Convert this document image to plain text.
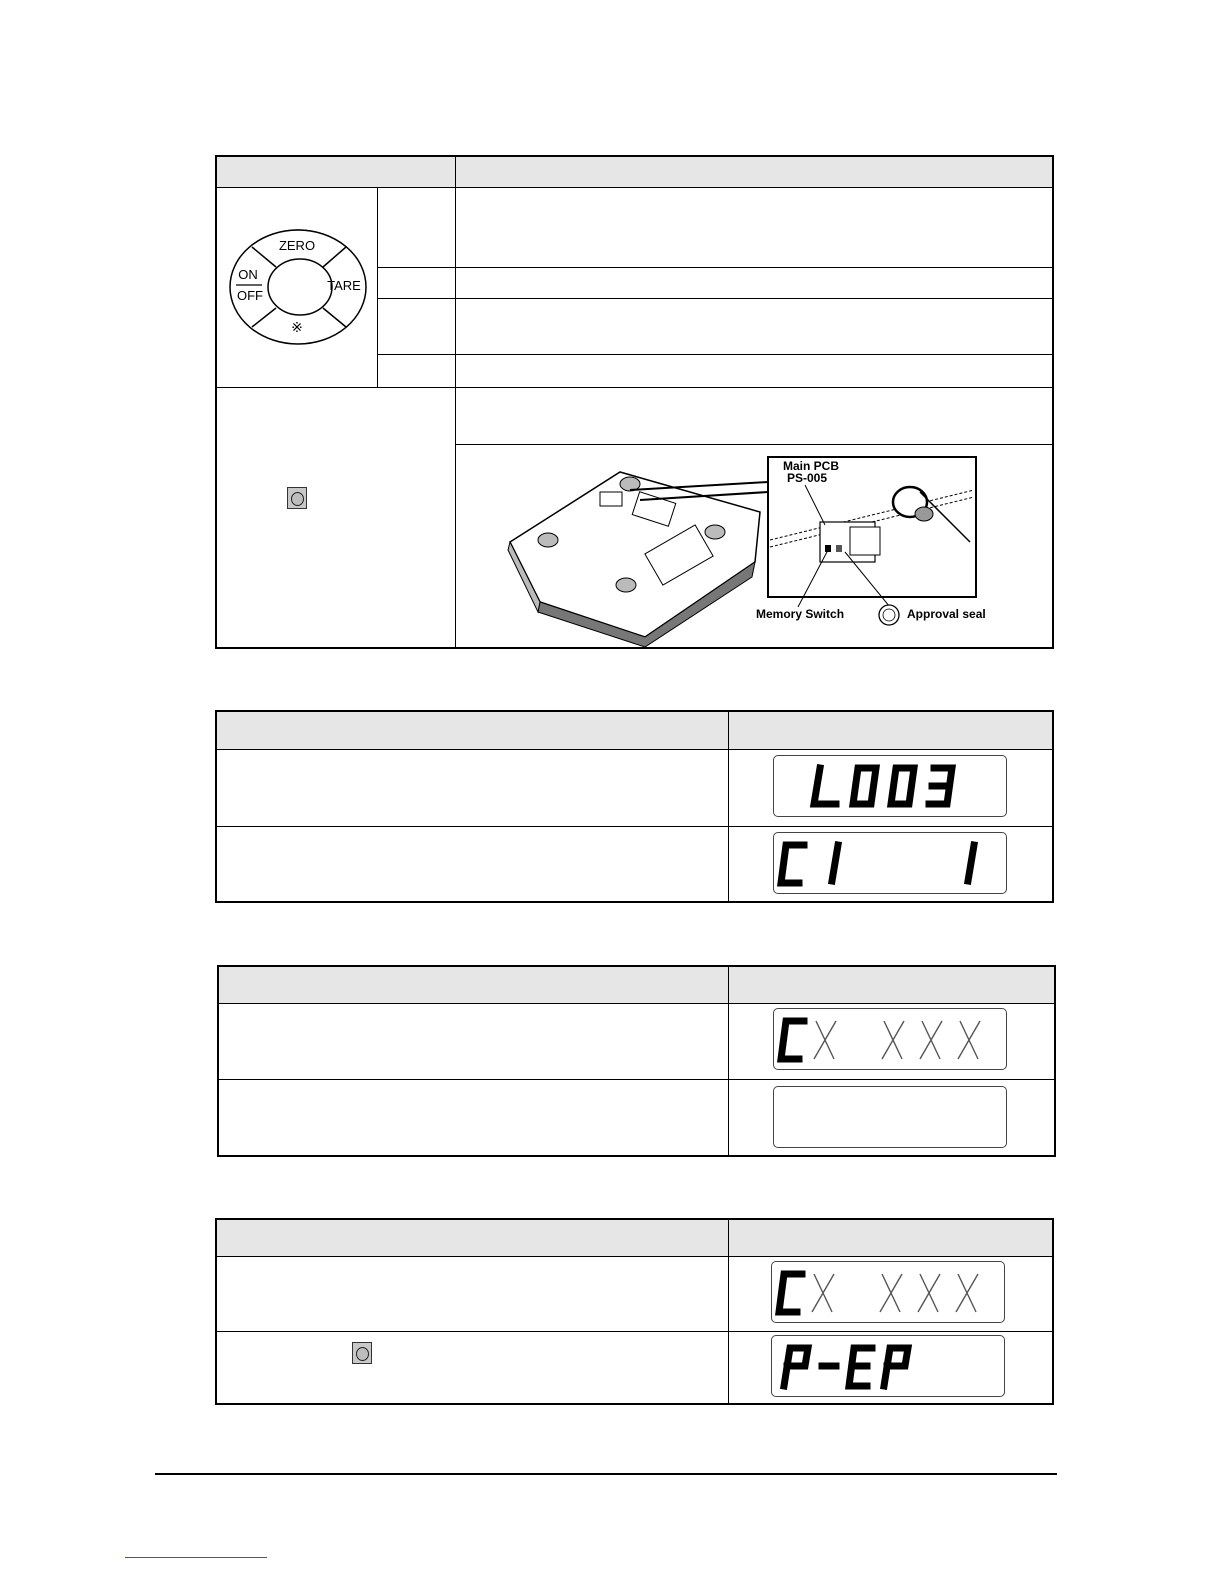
ZERO
ON
OFF
TARE
※
Main PCB
PS-005
Memory Switch	Approval seal
